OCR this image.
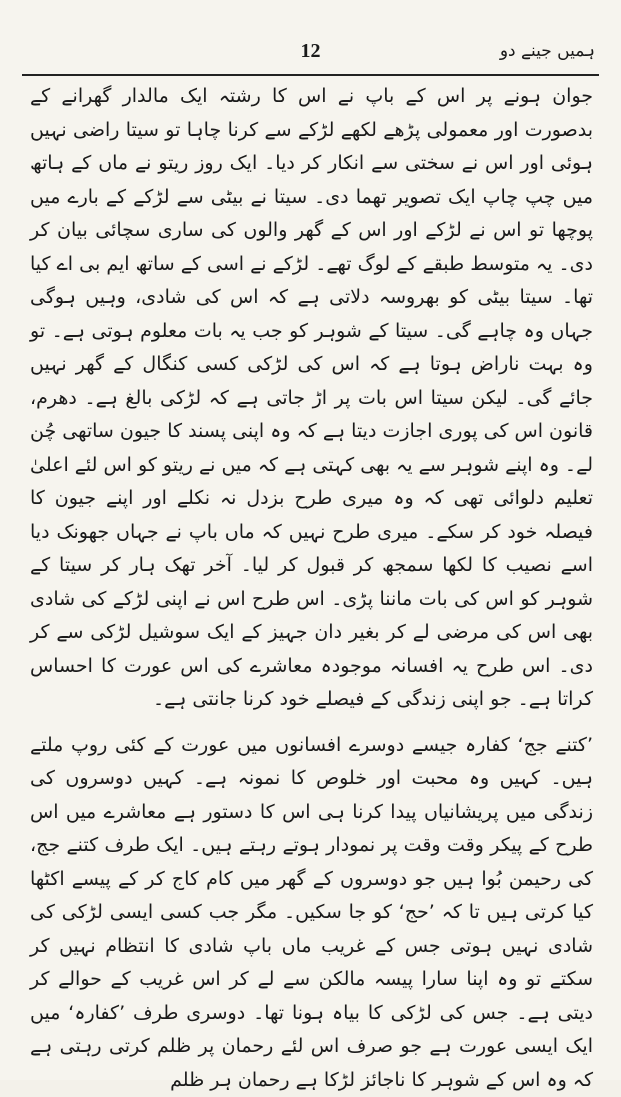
12	ہمیں جینے دو

جوان ہونے پر اس کے باپ نے اس کا رشتہ ایک مالدار گھرانے کے بدصورت اور معمولی پڑھے لکھے لڑکے سے کرنا چاہا تو سیتا راضی نہیں ہوئی اور اس نے سختی سے انکار کر دیا۔ ایک روز ریتو نے ماں کے ہاتھ میں چپ چاپ ایک تصویر تھما دی۔ سیتا نے بیٹی سے لڑکے کے بارے میں پوچھا تو اس نے لڑکے اور اس کے گھر والوں کی ساری سچائی بیان کر دی۔ یہ متوسط طبقے کے لوگ تھے۔ لڑکے نے اسی کے ساتھ ایم بی اے کیا تھا۔ سیتا بیٹی کو بھروسہ دلاتی ہے کہ اس کی شادی، وہیں ہوگی جہاں وہ چاہے گی۔ سیتا کے شوہر کو جب یہ بات معلوم ہوتی ہے۔ تو وہ بہت ناراض ہوتا ہے کہ اس کی لڑکی کسی کنگال کے گھر نہیں جائے گی۔ لیکن سیتا اس بات پر اڑ جاتی ہے کہ لڑکی بالغ ہے۔ دھرم، قانون اس کی پوری اجازت دیتا ہے کہ وہ اپنی پسند کا جیون ساتھی چُن لے۔ وہ اپنے شوہر سے یہ بھی کہتی ہے کہ میں نے ریتو کو اس لئے اعلیٰ تعلیم دلوائی تھی کہ وہ میری طرح بزدل نہ نکلے اور اپنے جیون کا فیصلہ خود کر سکے۔ میری طرح نہیں کہ ماں باپ نے جہاں جھونک دیا اسے نصیب کا لکھا سمجھ کر قبول کر لیا۔ آخر تھک ہار کر سیتا کے شوہر کو اس کی بات ماننا پڑی۔ اس طرح اس نے اپنی لڑکے کی شادی بھی اس کی مرضی لے کر بغیر دان جہیز کے ایک سوشیل لڑکی سے کر دی۔ اس طرح یہ افسانہ موجودہ معاشرے کی اس عورت کا احساس کراتا ہے۔ جو اپنی زندگی کے فیصلے خود کرنا جانتی ہے۔

’کتنے جج‘ کفارہ جیسے دوسرے افسانوں میں عورت کے کئی روپ ملتے ہیں۔ کہیں وہ محبت اور خلوص کا نمونہ ہے۔ کہیں دوسروں کی زندگی میں پریشانیاں پیدا کرنا ہی اس کا دستور ہے معاشرے میں اس طرح کے پیکر وقت وقت پر نمودار ہوتے رہتے ہیں۔ ایک طرف کتنے جج، کی رحیمن بُوا ہیں جو دوسروں کے گھر میں کام کاج کر کے پیسے اکٹھا کیا کرتی ہیں تا کہ ’حج‘ کو جا سکیں۔ مگر جب کسی ایسی لڑکی کی شادی نہیں ہوتی جس کے غریب ماں باپ شادی کا انتظام نہیں کر سکتے تو وہ اپنا سارا پیسہ مالکن سے لے کر اس غریب کے حوالے کر دیتی ہے۔ جس کی لڑکی کا بیاہ ہونا تھا۔ دوسری طرف ’کفارہ‘ میں ایک ایسی عورت ہے جو صرف اس لئے رحمان پر ظلم کرتی رہتی ہے کہ وہ اس کے شوہر کا ناجائز لڑکا ہے رحمان ہر ظلم
